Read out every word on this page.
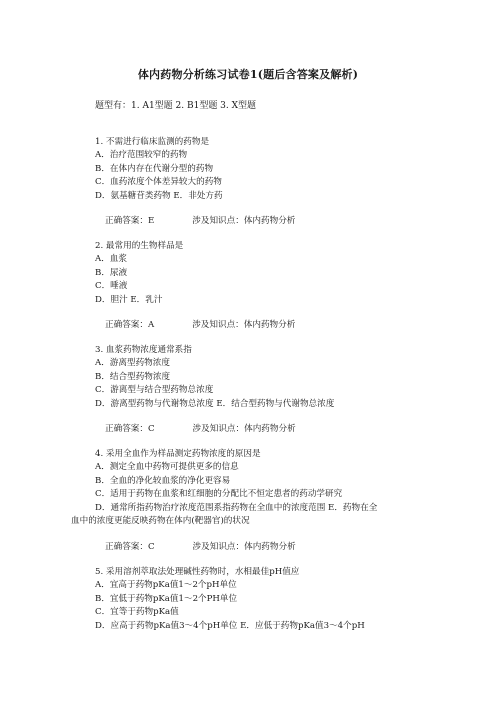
体内药物分析练习试卷1(题后含答案及解析)
题型有：1. A1型题 2. B1型题 3. X型题
1. 不需进行临床监测的药物是
A．治疗范围较窄的药物
B．在体内存在代谢分型的药物
C．血药浓度个体差异较大的药物
D．氨基糖苷类药物 E．非处方药
正确答案：E	涉及知识点：体内药物分析
2. 最常用的生物样品是
A．血浆
B．尿液
C．唾液
D．胆汁 E．乳汁
正确答案：A	涉及知识点：体内药物分析
3. 血浆药物浓度通常系指
A．游离型药物浓度
B．结合型药物浓度
C．游离型与结合型药物总浓度
D．游离型药物与代谢物总浓度 E．结合型药物与代谢物总浓度
正确答案：C	涉及知识点：体内药物分析
4. 采用全血作为样品测定药物浓度的原因是
A．测定全血中药物可提供更多的信息
B．全血的净化较血浆的净化更容易
C．适用于药物在血浆和红细胞的分配比不恒定患者的药动学研究
D．通常所指药物治疗浓度范围系指药物在全血中的浓度范围 E．药物在全
血中的浓度更能反映药物在体内(靶器官)的状况
正确答案：C	涉及知识点：体内药物分析
5. 采用溶剂萃取法处理碱性药物时，水相最佳pH值应
A．宜高于药物pKa值1～2个pH单位
B．宜低于药物pKa值1～2个PH单位
C．宜等于药物pKa值
D．应高于药物pKa值3～4个pH单位 E．应低于药物pKa值3～4个pH
